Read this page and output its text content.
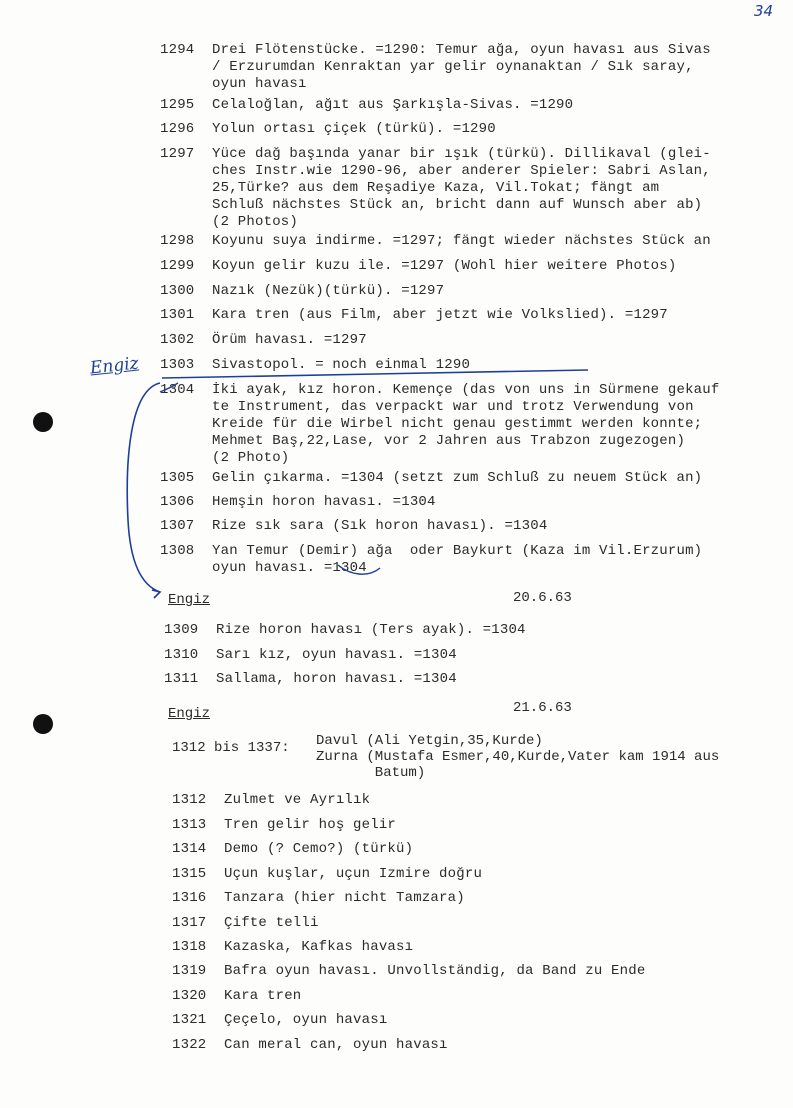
34
1294 Drei Flötenstücke. =1290: Temur ağa, oyun havası aus Sivas
/ Erzurumdan Kenraktan yar gelir oynanaktan / Sık saray,
oyun havası
1295 Celaloğlan, ağıt aus Şarkışla-Sivas. =1290
1296 Yolun ortası çiçek (türkü). =1290
1297 Yüce dağ başında yanar bir ışık (türkü). Dillikaval (glei-
ches Instr.wie 1290-96, aber anderer Spieler: Sabri Aslan,
25,Türke? aus dem Reşadiye Kaza, Vil.Tokat; fängt am
Schluß nächstes Stück an, bricht dann auf Wunsch aber ab)
(2 Photos)
1298 Koyunu suya indirme. =1297; fängt wieder nächstes Stück an
1299 Koyun gelir kuzu ile. =1297 (Wohl hier weitere Photos)
1300 Nazık (Nezük)(türkü). =1297
1301 Kara tren (aus Film, aber jetzt wie Volkslied). =1297
1302 Örüm havası. =1297
1303 Sivastopol. = noch einmal 1290
1304 İki ayak, kız horon. Kemençe (das von uns in Sürmene gekauf
te Instrument, das verpackt war und trotz Verwendung von
Kreide für die Wirbel nicht genau gestimmt werden konnte;
Mehmet Baş,22,Lase, vor 2 Jahren aus Trabzon zugezogen)
(2 Photo)
1305 Gelin çıkarma. =1304 (setzt zum Schluß zu neuem Stück an)
1306 Hemşin horon havası. =1304
1307 Rize sık sara (Sık horon havası). =1304
1308 Yan Temur (Demir) ağa  oder Baykurt (Kaza im Vil.Erzurum)
oyun havası. =1304
1309 Rize horon havası (Ters ayak). =1304
1310 Sarı kız, oyun havası. =1304
1311 Sallama, horon havası. =1304
1312 Zulmet ve Ayrılık
1313 Tren gelir hoş gelir
1314 Demo (? Cemo?) (türkü)
1315 Uçun kuşlar, uçun Izmire doğru
1316 Tanzara (hier nicht Tamzara)
1317 Çifte telli
1318 Kazaska, Kafkas havası
1319 Bafra oyun havası. Unvollständig, da Band zu Ende
1320 Kara tren
1321 Çeçelo, oyun havası
1322 Can meral can, oyun havası
Engiz	20.6.63
Engiz	21.6.63
1312 bis 1337: Davul (Ali Yetgin,35,Kurde)
Zurna (Mustafa Esmer,40,Kurde,Vater kam 1914 aus
Batum)
Engiz
